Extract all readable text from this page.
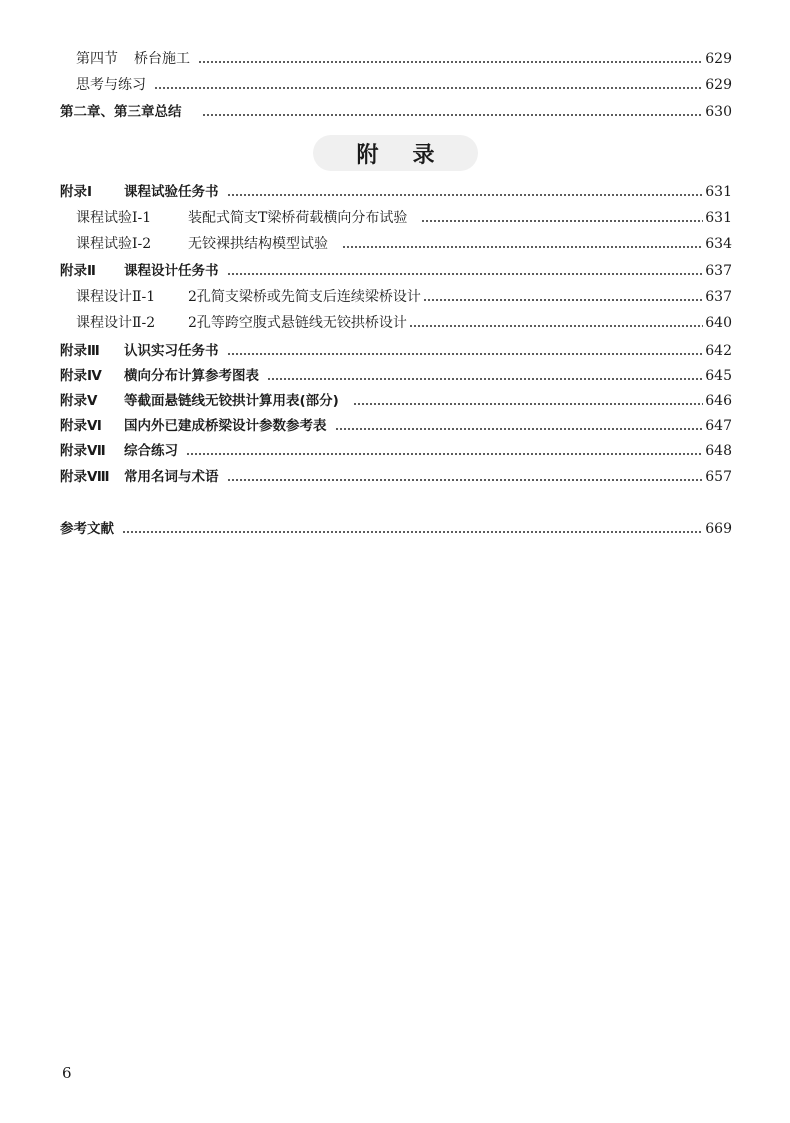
第四节 桥台施工	629
思考与练习	629
第二章、第三章总结	630
附录
附录Ⅰ 课程试验任务书	631
课程试验Ⅰ-1	装配式简支T梁桥荷载横向分布试验	631
课程试验Ⅰ-2	无铰裸拱结构模型试验	634
附录Ⅱ 课程设计任务书	637
课程设计Ⅱ-1 2孔简支梁桥或先简支后连续梁桥设计	637
课程设计Ⅱ-2 2孔等跨空腹式悬链线无铰拱桥设计	640
附录Ⅲ 认识实习任务书	642
附录Ⅳ 横向分布计算参考图表	645
附录Ⅴ 等截面悬链线无铰拱计算用表(部分)	646
附录Ⅵ 国内外已建成桥梁设计参数参考表	647
附录Ⅶ 综合练习	648
附录Ⅷ 常用名词与术语	657
参考文献	669
6
